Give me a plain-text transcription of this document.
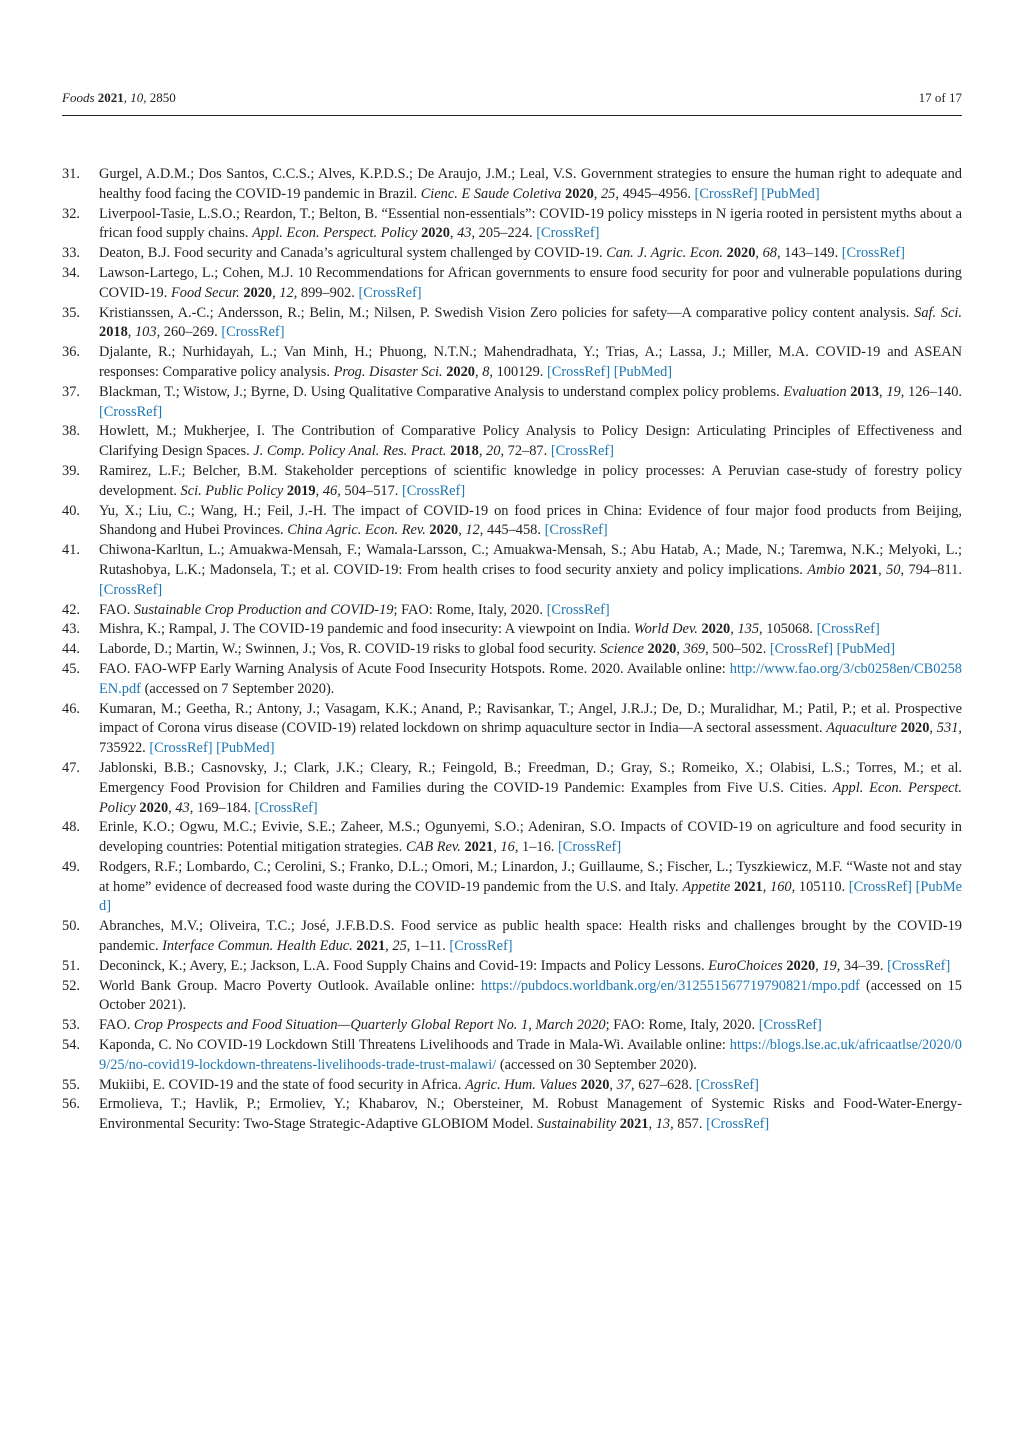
Foods 2021, 10, 2850	17 of 17
31. Gurgel, A.D.M.; Dos Santos, C.C.S.; Alves, K.P.D.S.; De Araujo, J.M.; Leal, V.S. Government strategies to ensure the human right to adequate and healthy food facing the COVID-19 pandemic in Brazil. Cienc. E Saude Coletiva 2020, 25, 4945–4956. [CrossRef] [PubMed]
32. Liverpool-Tasie, L.S.O.; Reardon, T.; Belton, B. “Essential non-essentials”: COVID-19 policy missteps in N igeria rooted in persistent myths about a frican food supply chains. Appl. Econ. Perspect. Policy 2020, 43, 205–224. [CrossRef]
33. Deaton, B.J. Food security and Canada’s agricultural system challenged by COVID-19. Can. J. Agric. Econ. 2020, 68, 143–149. [CrossRef]
34. Lawson-Lartego, L.; Cohen, M.J. 10 Recommendations for African governments to ensure food security for poor and vulnerable populations during COVID-19. Food Secur. 2020, 12, 899–902. [CrossRef]
35. Kristianssen, A.-C.; Andersson, R.; Belin, M.; Nilsen, P. Swedish Vision Zero policies for safety—A comparative policy content analysis. Saf. Sci. 2018, 103, 260–269. [CrossRef]
36. Djalante, R.; Nurhidayah, L.; Van Minh, H.; Phuong, N.T.N.; Mahendradhata, Y.; Trias, A.; Lassa, J.; Miller, M.A. COVID-19 and ASEAN responses: Comparative policy analysis. Prog. Disaster Sci. 2020, 8, 100129. [CrossRef] [PubMed]
37. Blackman, T.; Wistow, J.; Byrne, D. Using Qualitative Comparative Analysis to understand complex policy problems. Evaluation 2013, 19, 126–140. [CrossRef]
38. Howlett, M.; Mukherjee, I. The Contribution of Comparative Policy Analysis to Policy Design: Articulating Principles of Effectiveness and Clarifying Design Spaces. J. Comp. Policy Anal. Res. Pract. 2018, 20, 72–87. [CrossRef]
39. Ramirez, L.F.; Belcher, B.M. Stakeholder perceptions of scientific knowledge in policy processes: A Peruvian case-study of forestry policy development. Sci. Public Policy 2019, 46, 504–517. [CrossRef]
40. Yu, X.; Liu, C.; Wang, H.; Feil, J.-H. The impact of COVID-19 on food prices in China: Evidence of four major food products from Beijing, Shandong and Hubei Provinces. China Agric. Econ. Rev. 2020, 12, 445–458. [CrossRef]
41. Chiwona-Karltun, L.; Amuakwa-Mensah, F.; Wamala-Larsson, C.; Amuakwa-Mensah, S.; Abu Hatab, A.; Made, N.; Taremwa, N.K.; Melyoki, L.; Rutashobya, L.K.; Madonsela, T.; et al. COVID-19: From health crises to food security anxiety and policy implications. Ambio 2021, 50, 794–811. [CrossRef]
42. FAO. Sustainable Crop Production and COVID-19; FAO: Rome, Italy, 2020. [CrossRef]
43. Mishra, K.; Rampal, J. The COVID-19 pandemic and food insecurity: A viewpoint on India. World Dev. 2020, 135, 105068. [CrossRef]
44. Laborde, D.; Martin, W.; Swinnen, J.; Vos, R. COVID-19 risks to global food security. Science 2020, 369, 500–502. [CrossRef] [PubMed]
45. FAO. FAO-WFP Early Warning Analysis of Acute Food Insecurity Hotspots. Rome. 2020. Available online: http://www.fao.org/3/cb0258en/CB0258EN.pdf (accessed on 7 September 2020).
46. Kumaran, M.; Geetha, R.; Antony, J.; Vasagam, K.K.; Anand, P.; Ravisankar, T.; Angel, J.R.J.; De, D.; Muralidhar, M.; Patil, P.; et al. Prospective impact of Corona virus disease (COVID-19) related lockdown on shrimp aquaculture sector in India—A sectoral assessment. Aquaculture 2020, 531, 735922. [CrossRef] [PubMed]
47. Jablonski, B.B.; Casnovsky, J.; Clark, J.K.; Cleary, R.; Feingold, B.; Freedman, D.; Gray, S.; Romeiko, X.; Olabisi, L.S.; Torres, M.; et al. Emergency Food Provision for Children and Families during the COVID-19 Pandemic: Examples from Five U.S. Cities. Appl. Econ. Perspect. Policy 2020, 43, 169–184. [CrossRef]
48. Erinle, K.O.; Ogwu, M.C.; Evivie, S.E.; Zaheer, M.S.; Ogunyemi, S.O.; Adeniran, S.O. Impacts of COVID-19 on agriculture and food security in developing countries: Potential mitigation strategies. CAB Rev. 2021, 16, 1–16. [CrossRef]
49. Rodgers, R.F.; Lombardo, C.; Cerolini, S.; Franko, D.L.; Omori, M.; Linardon, J.; Guillaume, S.; Fischer, L.; Tyszkiewicz, M.F. “Waste not and stay at home” evidence of decreased food waste during the COVID-19 pandemic from the U.S. and Italy. Appetite 2021, 160, 105110. [CrossRef] [PubMed]
50. Abranches, M.V.; Oliveira, T.C.; José, J.F.B.D.S. Food service as public health space: Health risks and challenges brought by the COVID-19 pandemic. Interface Commun. Health Educ. 2021, 25, 1–11. [CrossRef]
51. Deconinck, K.; Avery, E.; Jackson, L.A. Food Supply Chains and Covid-19: Impacts and Policy Lessons. EuroChoices 2020, 19, 34–39. [CrossRef]
52. World Bank Group. Macro Poverty Outlook. Available online: https://pubdocs.worldbank.org/en/312551567719790821/mpo.pdf (accessed on 15 October 2021).
53. FAO. Crop Prospects and Food Situation—Quarterly Global Report No. 1, March 2020; FAO: Rome, Italy, 2020. [CrossRef]
54. Kaponda, C. No COVID-19 Lockdown Still Threatens Livelihoods and Trade in Mala-Wi. Available online: https://blogs.lse.ac.uk/africaatlse/2020/09/25/no-covid19-lockdown-threatens-livelihoods-trade-trust-malawi/ (accessed on 30 September 2020).
55. Mukiibi, E. COVID-19 and the state of food security in Africa. Agric. Hum. Values 2020, 37, 627–628. [CrossRef]
56. Ermolieva, T.; Havlik, P.; Ermoliev, Y.; Khabarov, N.; Obersteiner, M. Robust Management of Systemic Risks and Food-Water-Energy-Environmental Security: Two-Stage Strategic-Adaptive GLOBIOM Model. Sustainability 2021, 13, 857. [CrossRef]
